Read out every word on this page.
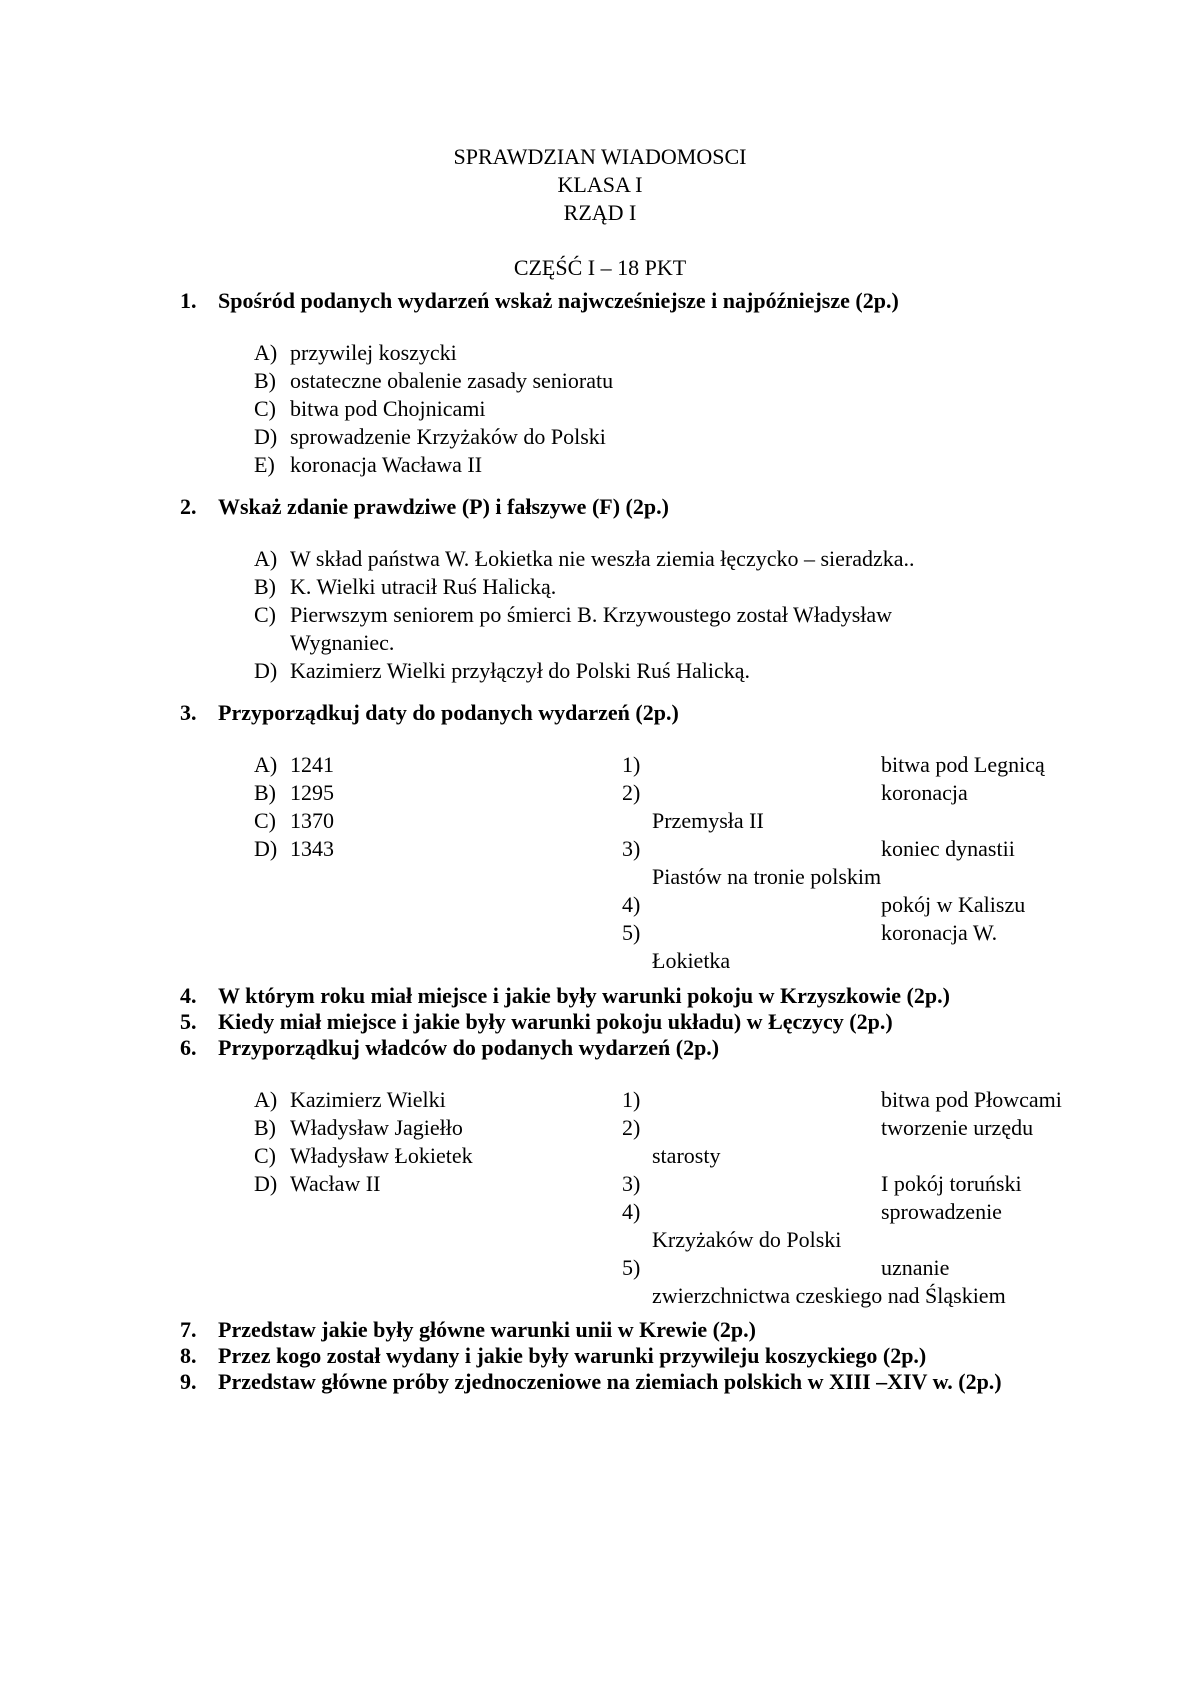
SPRAWDZIAN WIADOMOSCI
KLASA I
RZĄD I
CZĘŚĆ I – 18 PKT
1. Spośród podanych wydarzeń wskaż najwcześniejsze i najpóźniejsze (2p.)
A) przywilej koszycki
B) ostateczne obalenie zasady senioratu
C) bitwa pod Chojnicami
D) sprowadzenie Krzyżaków do Polski
E) koronacja Wacława II
2. Wskaż zdanie prawdziwe (P) i fałszywe (F) (2p.)
A) W skład państwa W. Łokietka nie weszła ziemia łęczycko – sieradzka..
B) K. Wielki utracił Ruś Halicką.
C) Pierwszym seniorem po śmierci B. Krzywoustego został Władysław Wygnaniec.
D) Kazimierz Wielki przyłączył do Polski Ruś Halicką.
3. Przyporządkuj daty do podanych wydarzeń (2p.)
A) 1241
B) 1295
C) 1370
D) 1343
1)	bitwa pod Legnicą
2)	koronacja Przemysła II
3)	koniec dynastii Piastów na tronie polskim
4)	pokój w Kaliszu
5)	koronacja W. Łokietka
4. W którym roku miał miejsce i jakie były warunki pokoju w Krzyszkowie (2p.)
5. Kiedy miał miejsce i jakie były warunki pokoju układu) w Łęczycy (2p.)
6. Przyporządkuj władców do podanych wydarzeń (2p.)
A) Kazimierz Wielki
B) Władysław Jagiełło
C) Władysław Łokietek
D) Wacław II
1)	bitwa pod Płowcami
2)	tworzenie urzędu starosty
3)	I pokój toruński
4)	sprowadzenie Krzyżaków do Polski
5)	uznanie zwierzchnictwa czeskiego nad Śląskiem
7. Przedstaw jakie były główne warunki unii w Krewie (2p.)
8. Przez kogo został wydany i jakie były warunki przywileju koszyckiego (2p.)
9. Przedstaw główne próby zjednoczeniowe na ziemiach polskich w XIII –XIV w. (2p.)
